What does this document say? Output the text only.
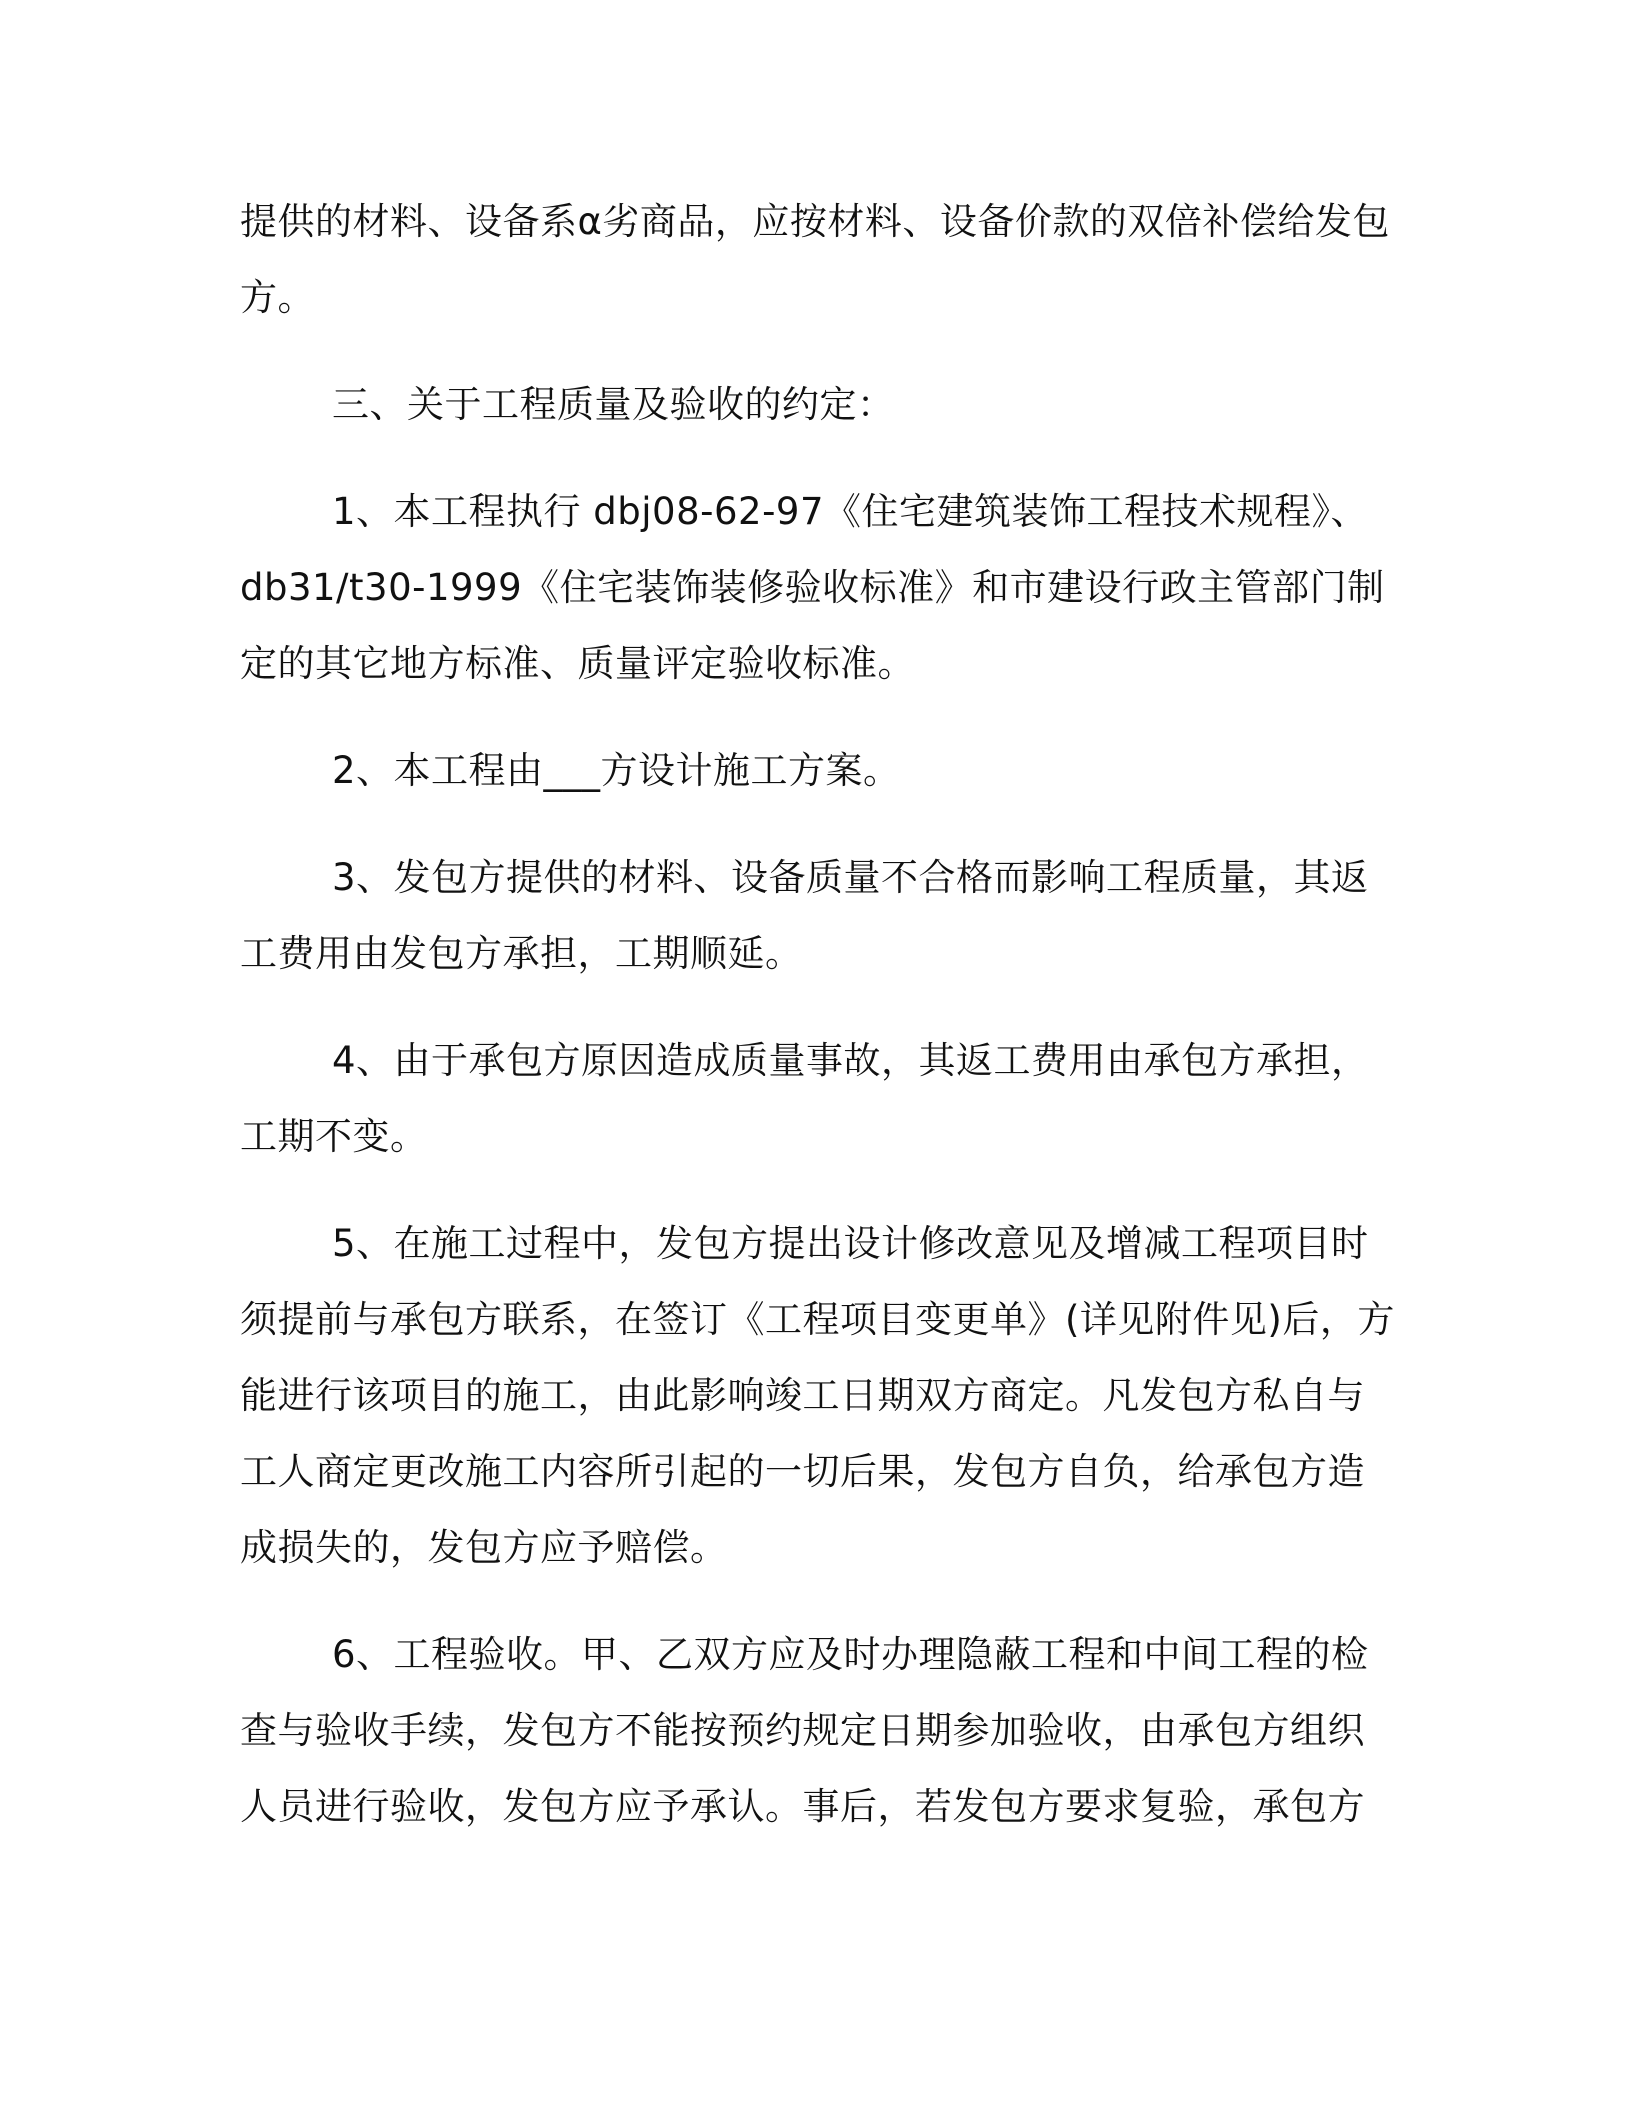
提供的材料、设备系α劣商品，应按材料、设备价款的双倍补偿给发包
方。

三、关于工程质量及验收的约定：

1、本工程执行 dbj08-62-97《住宅建筑装饰工程技术规程》、
db31/t30-1999《住宅装饰装修验收标准》和市建设行政主管部门制
定的其它地方标准、质量评定验收标准。

2、本工程由___方设计施工方案。

3、发包方提供的材料、设备质量不合格而影响工程质量，其返
工费用由发包方承担，工期顺延。

4、由于承包方原因造成质量事故，其返工费用由承包方承担，
工期不变。

5、在施工过程中，发包方提出设计修改意见及增减工程项目时
须提前与承包方联系，在签订《工程项目变更单》(详见附件见)后，方
能进行该项目的施工，由此影响竣工日期双方商定。凡发包方私自与
工人商定更改施工内容所引起的一切后果，发包方自负，给承包方造
成损失的，发包方应予赔偿。

6、工程验收。甲、乙双方应及时办理隐蔽工程和中间工程的检
查与验收手续，发包方不能按预约规定日期参加验收，由承包方组织
人员进行验收，发包方应予承认。事后，若发包方要求复验，承包方
